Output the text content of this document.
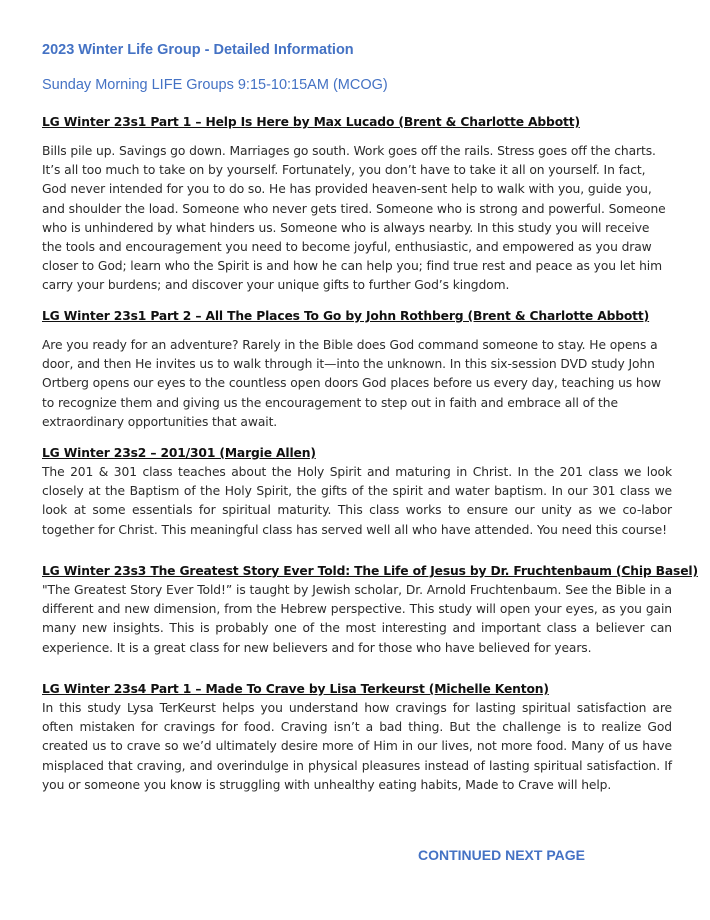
2023 Winter Life Group - Detailed Information
Sunday Morning LIFE Groups 9:15-10:15AM (MCOG)
LG Winter 23s1 Part 1 – Help Is Here by Max Lucado (Brent & Charlotte Abbott)

Bills pile up. Savings go down. Marriages go south. Work goes off the rails. Stress goes off the charts. It’s all too much to take on by yourself. Fortunately, you don’t have to take it all on yourself. In fact, God never intended for you to do so. He has provided heaven-sent help to walk with you, guide you, and shoulder the load. Someone who never gets tired. Someone who is strong and powerful. Someone who is unhindered by what hinders us. Someone who is always nearby. In this study you will receive the tools and encouragement you need to become joyful, enthusiastic, and empowered as you draw closer to God; learn who the Spirit is and how he can help you; find true rest and peace as you let him carry your burdens; and discover your unique gifts to further God’s kingdom.

LG Winter 23s1 Part 2 – All The Places To Go by John Rothberg (Brent & Charlotte Abbott)

Are you ready for an adventure? Rarely in the Bible does God command someone to stay. He opens a door, and then He invites us to walk through it—into the unknown. In this six-session DVD study John Ortberg opens our eyes to the countless open doors God places before us every day, teaching us how to recognize them and giving us the encouragement to step out in faith and embrace all of the extraordinary opportunities that await.

LG Winter 23s2 – 201/301 (Margie Allen)

The 201 & 301 class teaches about the Holy Spirit and maturing in Christ. In the 201 class we look closely at the Baptism of the Holy Spirit, the gifts of the spirit and water baptism. In our 301 class we look at some essentials for spiritual maturity. This class works to ensure our unity as we co-labor together for Christ. This meaningful class has served well all who have attended. You need this course!

LG Winter 23s3 The Greatest Story Ever Told: The Life of Jesus by Dr. Fruchtenbaum (Chip Basel)

"The Greatest Story Ever Told!” is taught by Jewish scholar, Dr. Arnold Fruchtenbaum. See the Bible in a different and new dimension, from the Hebrew perspective. This study will open your eyes, as you gain many new insights. This is probably one of the most interesting and important class a believer can experience. It is a great class for new believers and for those who have believed for years.

LG Winter 23s4 Part 1 – Made To Crave by Lisa Terkeurst (Michelle Kenton)

In this study Lysa TerKeurst helps you understand how cravings for lasting spiritual satisfaction are often mistaken for cravings for food. Craving isn’t a bad thing. But the challenge is to realize God created us to crave so we’d ultimately desire more of Him in our lives, not more food. Many of us have misplaced that craving, and overindulge in physical pleasures instead of lasting spiritual satisfaction. If you or someone you know is struggling with unhealthy eating habits, Made to Crave will help.

CONTINUED NEXT PAGE
